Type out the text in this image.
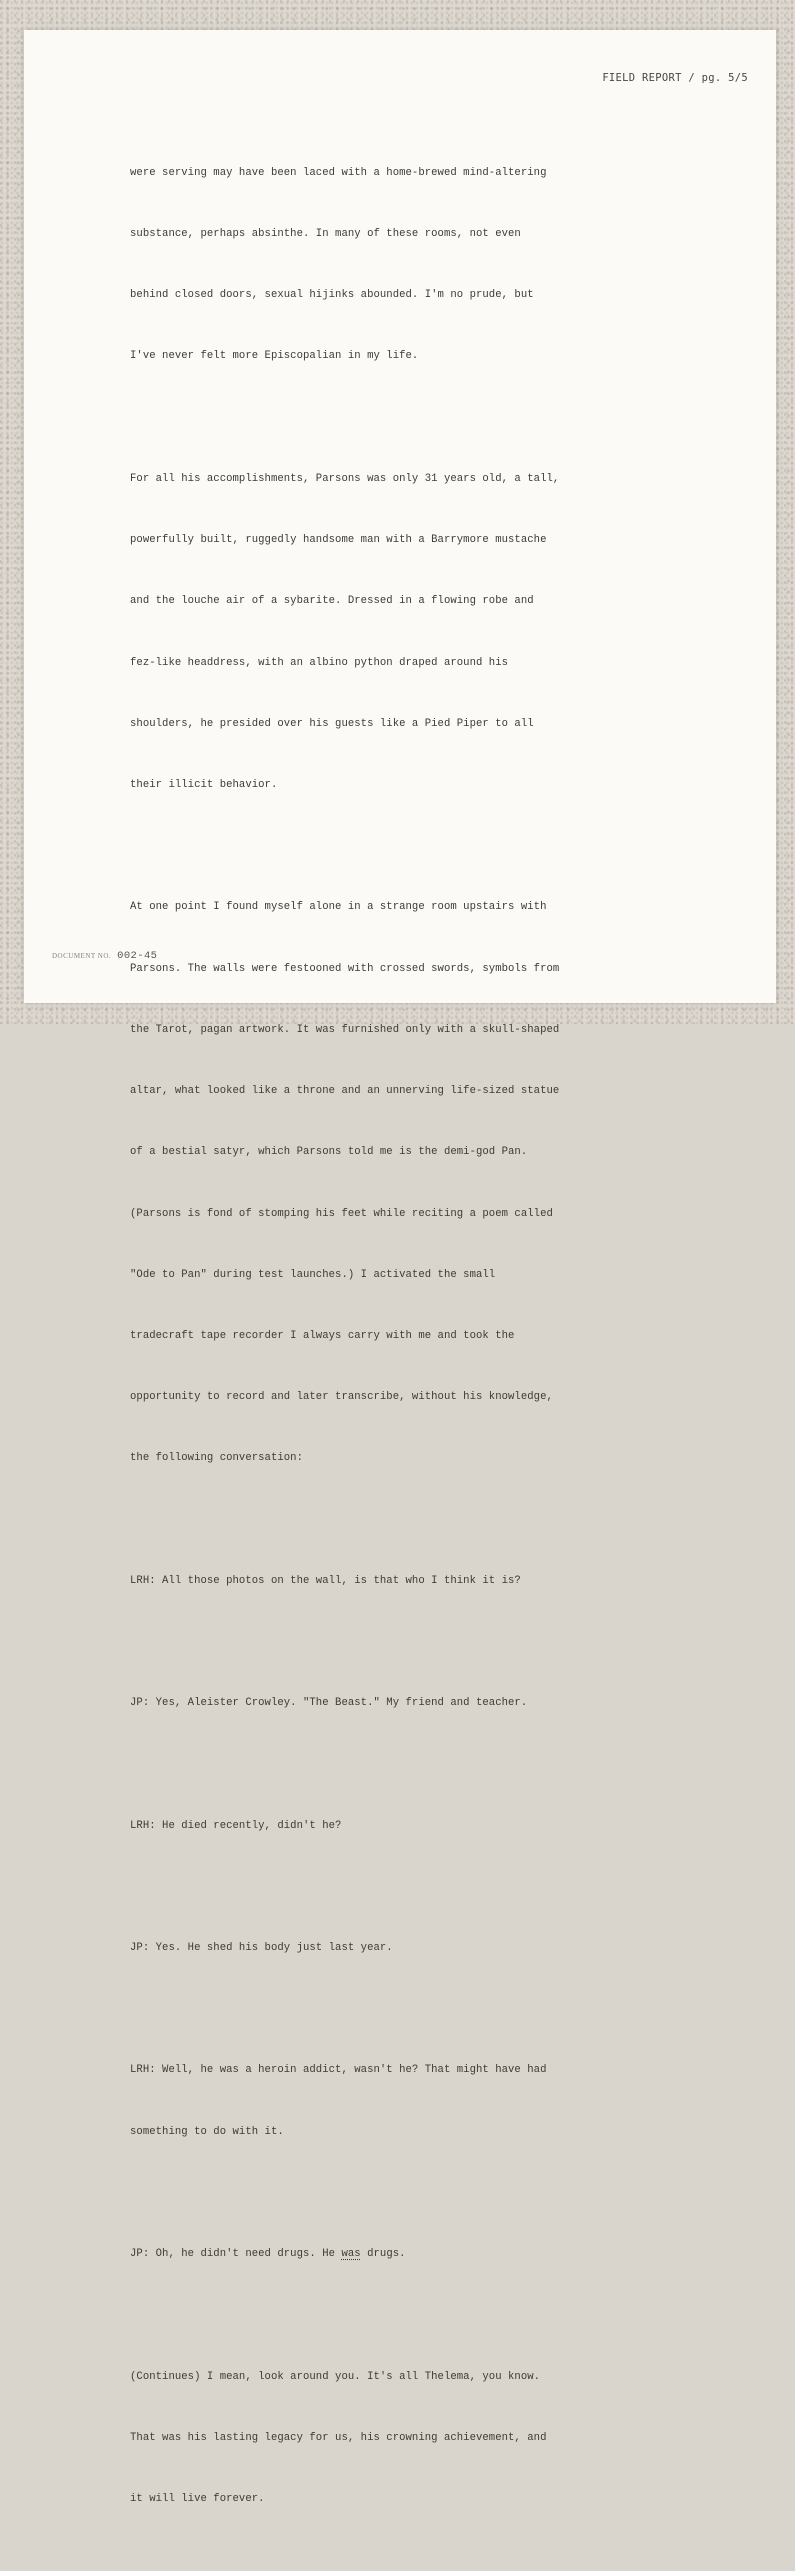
FIELD REPORT / pg. 5/5

were serving may have been laced with a home-brewed mind-altering

substance, perhaps absinthe. In many of these rooms, not even

behind closed doors, sexual hijinks abounded. I'm no prude, but

I've never felt more Episcopalian in my life.

For all his accomplishments, Parsons was only 31 years old, a tall,

powerfully built, ruggedly handsome man with a Barrymore mustache

and the louche air of a sybarite. Dressed in a flowing robe and

fez-like headdress, with an albino python draped around his

shoulders, he presided over his guests like a Pied Piper to all

their illicit behavior.

At one point I found myself alone in a strange room upstairs with

Parsons. The walls were festooned with crossed swords, symbols from

the Tarot, pagan artwork. It was furnished only with a skull-shaped

altar, what looked like a throne and an unnerving life-sized statue

of a bestial satyr, which Parsons told me is the demi-god Pan.

(Parsons is fond of stomping his feet while reciting a poem called

"Ode to Pan" during test launches.) I activated the small

tradecraft tape recorder I always carry with me and took the

opportunity to record and later transcribe, without his knowledge,

the following conversation:

LRH: All those photos on the wall, is that who I think it is?

JP: Yes, Aleister Crowley. "The Beast." My friend and teacher.

LRH: He died recently, didn't he?

JP: Yes. He shed his body just last year.

LRH: Well, he was a heroin addict, wasn't he? That might have had

something to do with it.

JP: Oh, he didn't need drugs. He was drugs.

(Continues) I mean, look around you. It's all Thelema, you know.

That was his lasting legacy for us, his crowning achievement, and

it will live forever.

DOCUMENT NO. 002-45
